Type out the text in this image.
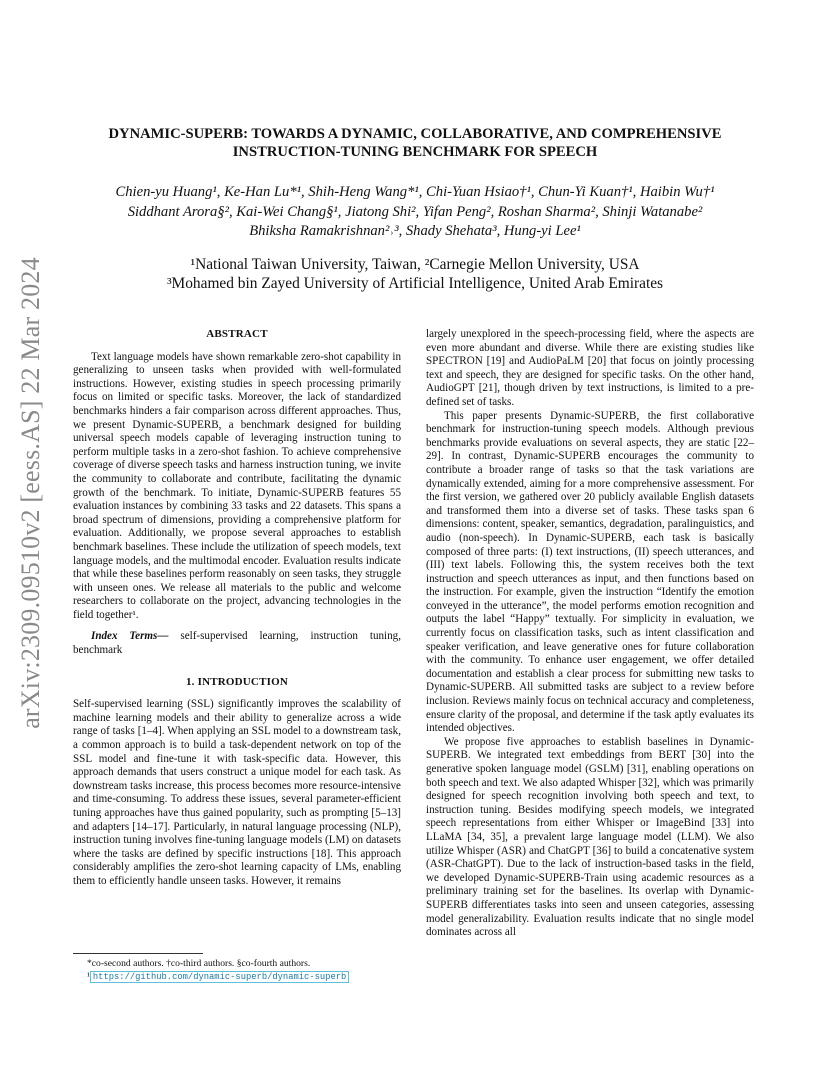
arXiv:2309.09510v2 [eess.AS] 22 Mar 2024
DYNAMIC-SUPERB: TOWARDS A DYNAMIC, COLLABORATIVE, AND COMPREHENSIVE
INSTRUCTION-TUNING BENCHMARK FOR SPEECH
Chien-yu Huang¹, Ke-Han Lu*¹, Shih-Heng Wang*¹, Chi-Yuan Hsiao†¹, Chun-Yi Kuan†¹, Haibin Wu†¹
Siddhant Arora§², Kai-Wei Chang§¹, Jiatong Shi², Yifan Peng², Roshan Sharma², Shinji Watanabe²
Bhiksha Ramakrishnan²˒³, Shady Shehata³, Hung-yi Lee¹
¹National Taiwan University, Taiwan, ²Carnegie Mellon University, USA
³Mohamed bin Zayed University of Artificial Intelligence, United Arab Emirates
ABSTRACT

Text language models have shown remarkable zero-shot capability in generalizing to unseen tasks when provided with well-formulated instructions. However, existing studies in speech processing primarily focus on limited or specific tasks. Moreover, the lack of standardized benchmarks hinders a fair comparison across different approaches. Thus, we present Dynamic-SUPERB, a benchmark designed for building universal speech models capable of leveraging instruction tuning to perform multiple tasks in a zero-shot fashion. To achieve comprehensive coverage of diverse speech tasks and harness instruction tuning, we invite the community to collaborate and contribute, facilitating the dynamic growth of the benchmark. To initiate, Dynamic-SUPERB features 55 evaluation instances by combining 33 tasks and 22 datasets. This spans a broad spectrum of dimensions, providing a comprehensive platform for evaluation. Additionally, we propose several approaches to establish benchmark baselines. These include the utilization of speech models, text language models, and the multimodal encoder. Evaluation results indicate that while these baselines perform reasonably on seen tasks, they struggle with unseen ones. We release all materials to the public and welcome researchers to collaborate on the project, advancing technologies in the field together¹.

Index Terms— self-supervised learning, instruction tuning, benchmark

1. INTRODUCTION

Self-supervised learning (SSL) significantly improves the scalability of machine learning models and their ability to generalize across a wide range of tasks [1–4]. When applying an SSL model to a downstream task, a common approach is to build a task-dependent network on top of the SSL model and fine-tune it with task-specific data. However, this approach demands that users construct a unique model for each task. As downstream tasks increase, this process becomes more resource-intensive and time-consuming. To address these issues, several parameter-efficient tuning approaches have thus gained popularity, such as prompting [5–13] and adapters [14–17]. Particularly, in natural language processing (NLP), instruction tuning involves fine-tuning language models (LM) on datasets where the tasks are defined by specific instructions [18]. This approach considerably amplifies the zero-shot learning capacity of LMs, enabling them to efficiently handle unseen tasks. However, it remains

largely unexplored in the speech-processing field, where the aspects are even more abundant and diverse. While there are existing studies like SPECTRON [19] and AudioPaLM [20] that focus on jointly processing text and speech, they are designed for specific tasks. On the other hand, AudioGPT [21], though driven by text instructions, is limited to a pre-defined set of tasks.

This paper presents Dynamic-SUPERB, the first collaborative benchmark for instruction-tuning speech models. Although previous benchmarks provide evaluations on several aspects, they are static [22–29]. In contrast, Dynamic-SUPERB encourages the community to contribute a broader range of tasks so that the task variations are dynamically extended, aiming for a more comprehensive assessment. For the first version, we gathered over 20 publicly available English datasets and transformed them into a diverse set of tasks. These tasks span 6 dimensions: content, speaker, semantics, degradation, paralinguistics, and audio (non-speech). In Dynamic-SUPERB, each task is basically composed of three parts: (I) text instructions, (II) speech utterances, and (III) text labels. Following this, the system receives both the text instruction and speech utterances as input, and then functions based on the instruction. For example, given the instruction “Identify the emotion conveyed in the utterance”, the model performs emotion recognition and outputs the label “Happy” textually. For simplicity in evaluation, we currently focus on classification tasks, such as intent classification and speaker verification, and leave generative ones for future collaboration with the community. To enhance user engagement, we offer detailed documentation and establish a clear process for submitting new tasks to Dynamic-SUPERB. All submitted tasks are subject to a review before inclusion. Reviews mainly focus on technical accuracy and completeness, ensure clarity of the proposal, and determine if the task aptly evaluates its intended objectives.

We propose five approaches to establish baselines in Dynamic-SUPERB. We integrated text embeddings from BERT [30] into the generative spoken language model (GSLM) [31], enabling operations on both speech and text. We also adapted Whisper [32], which was primarily designed for speech recognition involving both speech and text, to instruction tuning. Besides modifying speech models, we integrated speech representations from either Whisper or ImageBind [33] into LLaMA [34, 35], a prevalent large language model (LLM). We also utilize Whisper (ASR) and ChatGPT [36] to build a concatenative system (ASR-ChatGPT). Due to the lack of instruction-based tasks in the field, we developed Dynamic-SUPERB-Train using academic resources as a preliminary training set for the baselines. Its overlap with Dynamic-SUPERB differentiates tasks into seen and unseen categories, assessing model generalizability. Evaluation results indicate that no single model dominates across all

*co-second authors. †co-third authors. §co-fourth authors.
¹ https://github.com/dynamic-superb/dynamic-superb
